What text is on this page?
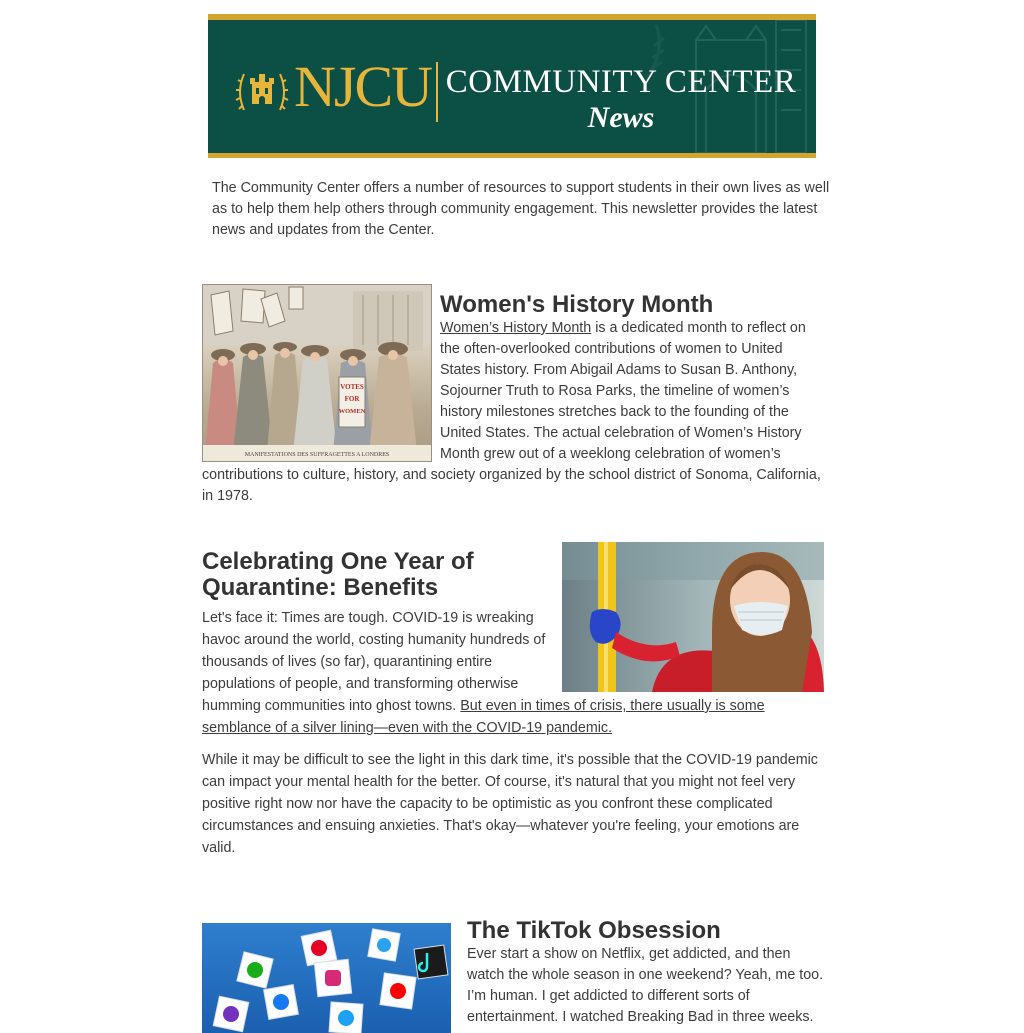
NJCU COMMUNITY CENTER
News

The Community Center offers a number of resources to support students in their own lives as well as to help them help others through community engagement. This newsletter provides the latest news and updates from the Center.

VOTES
FOR
WOMEN
MANIFESTATIONS DES SUFFRAGETTES A LONDRES
Women's History Month

Women’s History Month is a dedicated month to reflect on the often-overlooked contributions of women to United States history. From Abigail Adams to Susan B. Anthony, Sojourner Truth to Rosa Parks, the timeline of women’s history milestones stretches back to the founding of the United States. The actual celebration of Women’s History Month grew out of a weeklong celebration of women’s contributions to culture, history, and society organized by the school district of Sonoma, California, in 1978.

Celebrating One Year of Quarantine: Benefits

Let's face it: Times are tough. COVID-19 is wreaking havoc around the world, costing humanity hundreds of thousands of lives (so far), quarantining entire populations of people, and transforming otherwise humming communities into ghost towns. But even in times of crisis, there usually is some semblance of a silver lining—even with the COVID-19 pandemic.

While it may be difficult to see the light in this dark time, it's possible that the COVID-19 pandemic can impact your mental health for the better. Of course, it's natural that you might not feel very positive right now nor have the capacity to be optimistic as you confront these complicated circumstances and ensuing anxieties. That's okay—whatever you're feeling, your emotions are valid.

The TikTok Obsession

Ever start a show on Netflix, get addicted, and then watch the whole season in one weekend? Yeah, me too. I’m human. I get addicted to different sorts of entertainment. I watched Breaking Bad in three weeks.
